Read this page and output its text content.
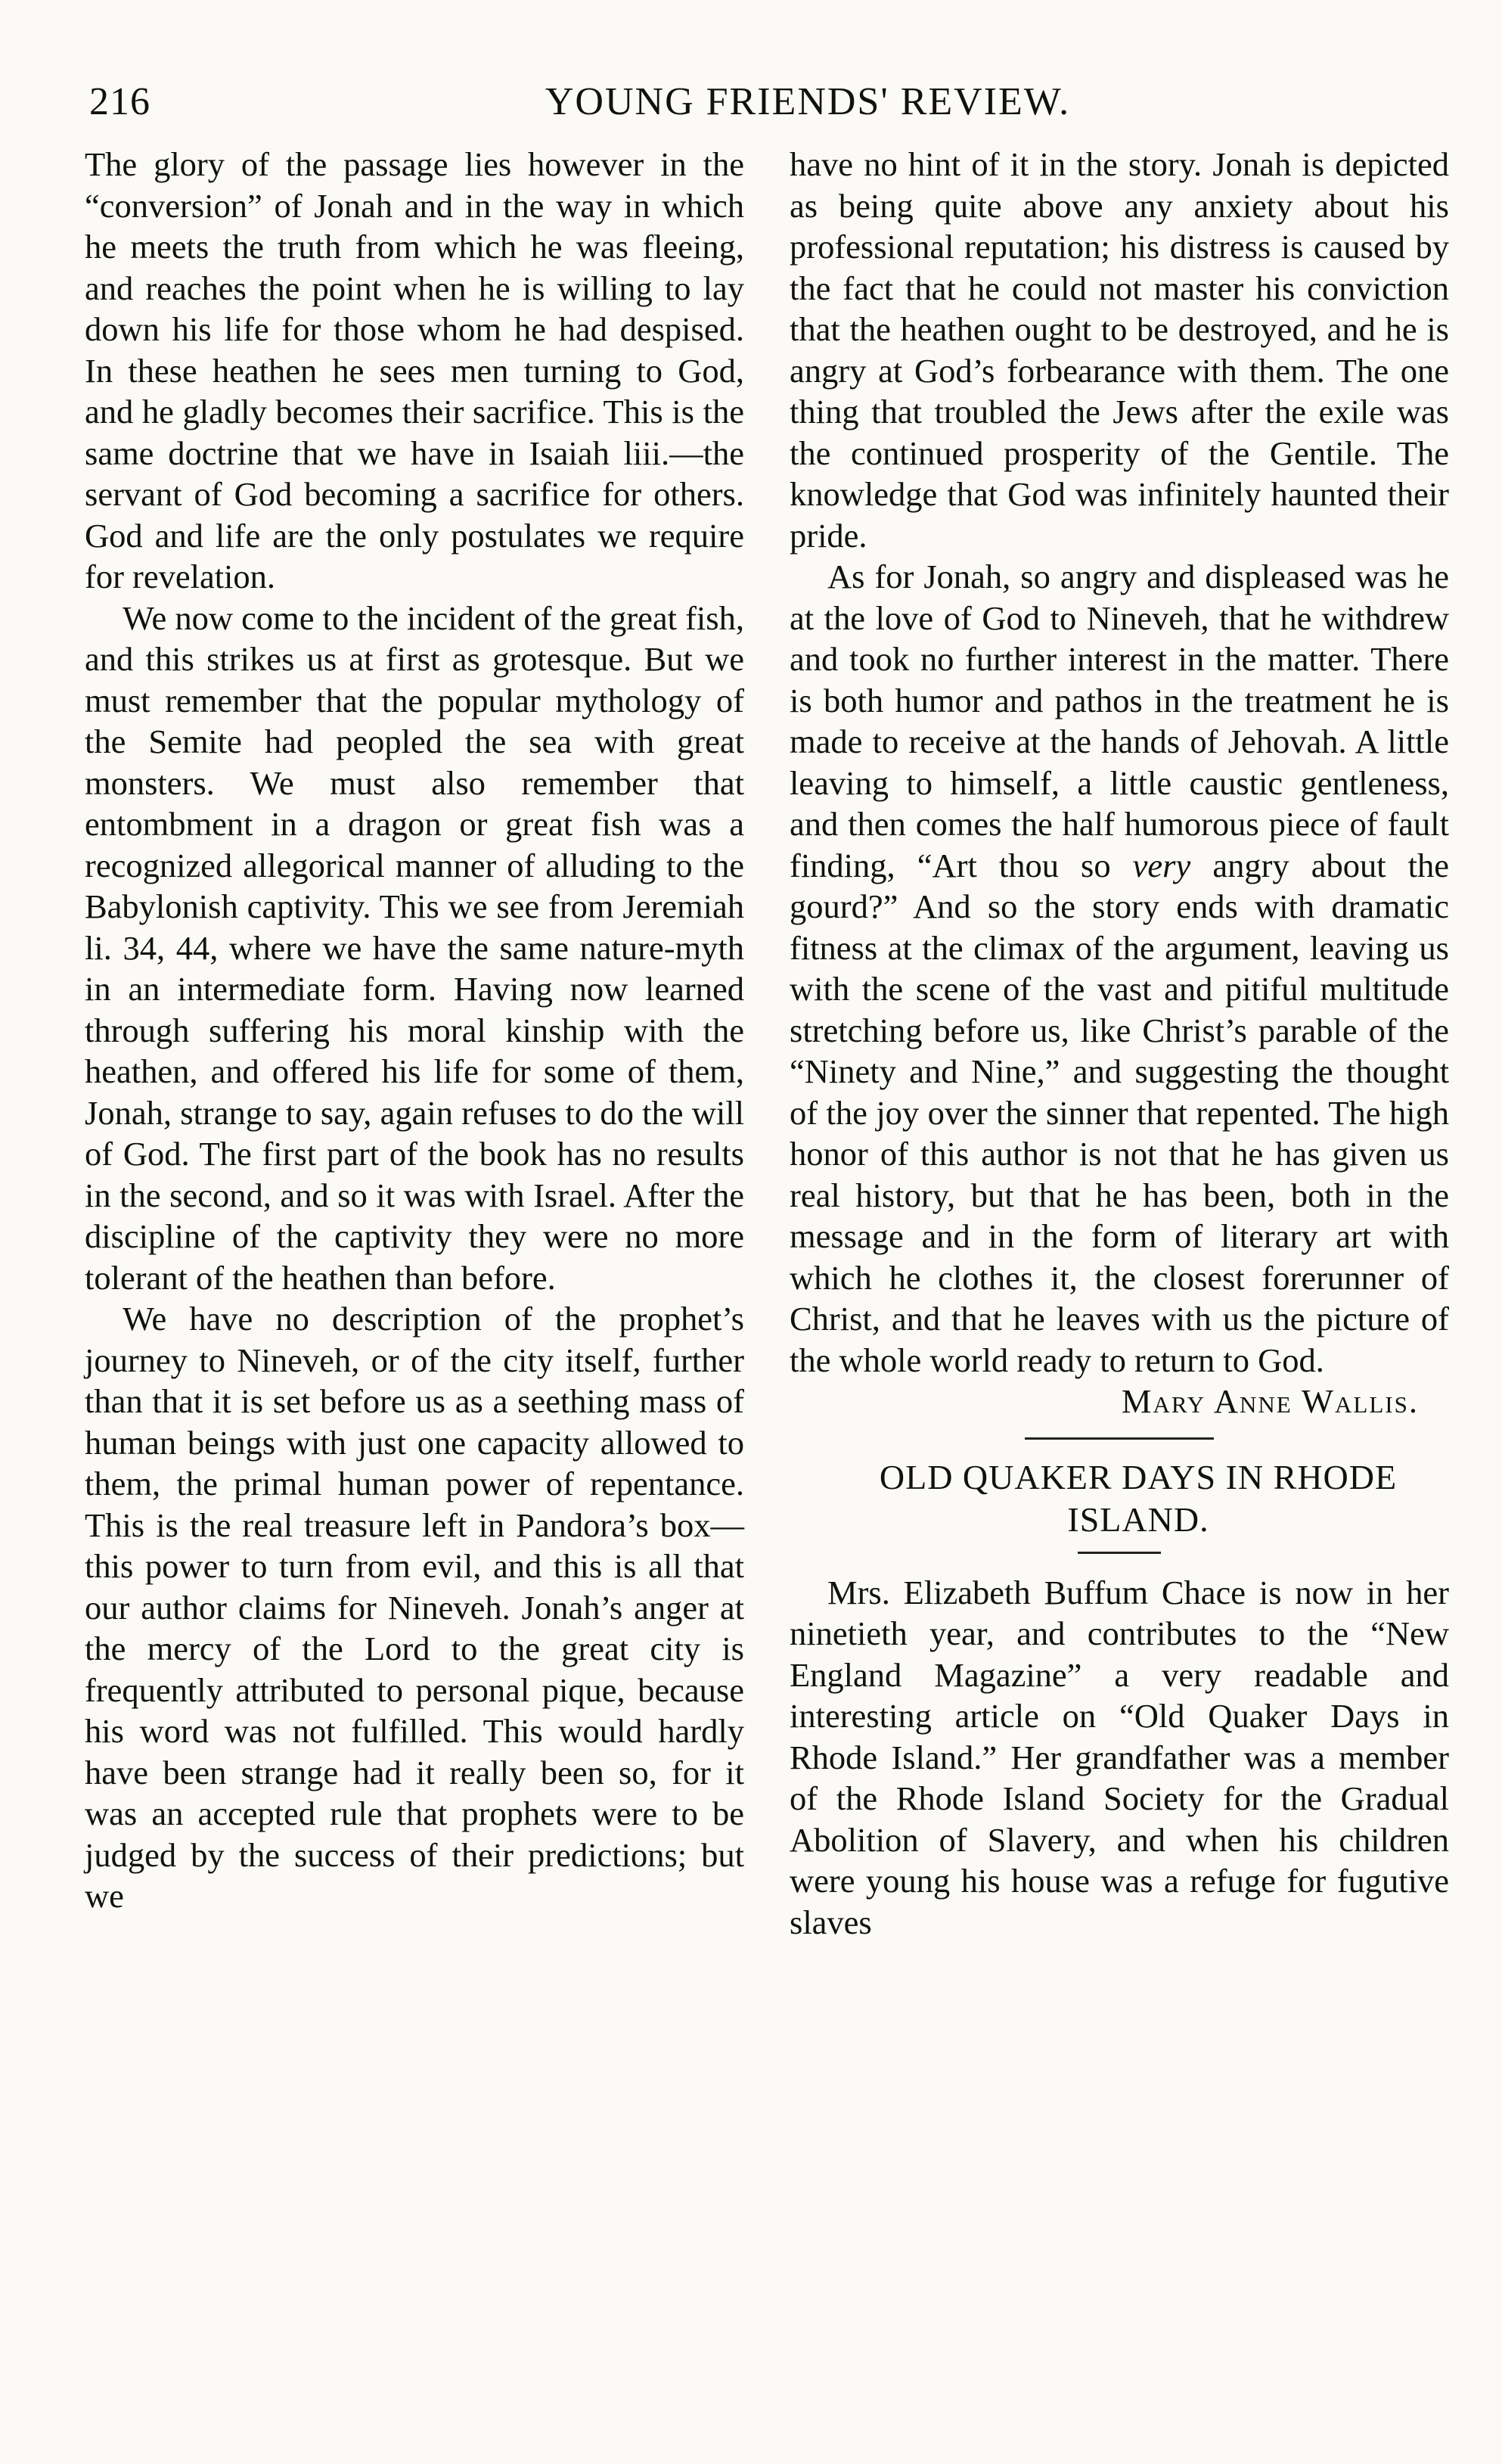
216	YOUNG FRIENDS' REVIEW.

The glory of the passage lies however in the “conversion” of Jonah and in the way in which he meets the truth from which he was fleeing, and reaches the point when he is willing to lay down his life for those whom he had despised. In these heathen he sees men turning to God, and he gladly becomes their sacrifice. This is the same doctrine that we have in Isaiah liii.—the servant of God becoming a sacrifice for others. God and life are the only postulates we require for revelation.

We now come to the incident of the great fish, and this strikes us at first as grotesque. But we must remember that the popular mythology of the Semite had peopled the sea with great monsters. We must also remember that entombment in a dragon or great fish was a recognized allegorical manner of alluding to the Babylonish captivity. This we see from Jeremiah li. 34, 44, where we have the same nature-myth in an intermediate form. Having now learned through suffering his moral kinship with the heathen, and offered his life for some of them, Jonah, strange to say, again refuses to do the will of God. The first part of the book has no results in the second, and so it was with Israel. After the discipline of the captivity they were no more tolerant of the heathen than before.

We have no description of the prophet’s journey to Nineveh, or of the city itself, further than that it is set before us as a seething mass of human beings with just one capacity allowed to them, the primal human power of repentance. This is the real treasure left in Pandora’s box—this power to turn from evil, and this is all that our author claims for Nineveh. Jonah’s anger at the mercy of the Lord to the great city is frequently attributed to personal pique, because his word was not fulfilled. This would hardly have been strange had it really been so, for it was an accepted rule that prophets were to be judged by the success of their predictions; but we

have no hint of it in the story. Jonah is depicted as being quite above any anxiety about his professional reputation; his distress is caused by the fact that he could not master his conviction that the heathen ought to be destroyed, and he is angry at God’s forbearance with them. The one thing that troubled the Jews after the exile was the continued prosperity of the Gentile. The knowledge that God was infinitely haunted their pride.

As for Jonah, so angry and displeased was he at the love of God to Nineveh, that he withdrew and took no further interest in the matter. There is both humor and pathos in the treatment he is made to receive at the hands of Jehovah. A little leaving to himself, a little caustic gentleness, and then comes the half humorous piece of fault finding, “Art thou so very angry about the gourd?” And so the story ends with dramatic fitness at the climax of the argument, leaving us with the scene of the vast and pitiful multitude stretching before us, like Christ’s parable of the “Ninety and Nine,” and suggesting the thought of the joy over the sinner that repented. The high honor of this author is not that he has given us real history, but that he has been, both in the message and in the form of literary art with which he clothes it, the closest forerunner of Christ, and that he leaves with us the picture of the whole world ready to return to God.

Mary Anne Wallis.

OLD QUAKER DAYS IN RHODE

ISLAND.

Mrs. Elizabeth Buffum Chace is now in her ninetieth year, and contributes to the “New England Magazine” a very readable and interesting article on “Old Quaker Days in Rhode Island.” Her grandfather was a member of the Rhode Island Society for the Gradual Abolition of Slavery, and when his children were young his house was a refuge for fugutive slaves
